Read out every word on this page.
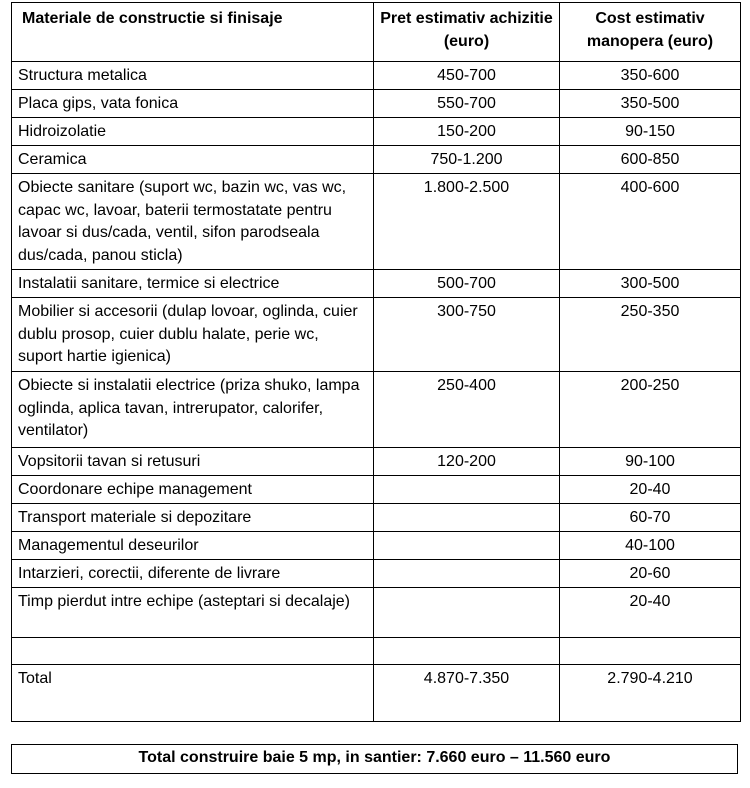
Materiale de constructie si finisaje	Pret estimativ achizitie (euro)	Cost estimativ manopera (euro)
Structura metalica	450-700	350-600
Placa gips, vata fonica	550-700	350-500
Hidroizolatie	150-200	90-150
Ceramica	750-1.200	600-850
Obiecte sanitare (suport wc, bazin wc, vas wc, capac wc, lavoar, baterii termostatate pentru lavoar si dus/cada, ventil, sifon parodseala dus/cada, panou sticla)	1.800-2.500	400-600
Instalatii sanitare, termice si electrice	500-700	300-500
Mobilier si accesorii (dulap lovoar, oglinda, cuier dublu prosop, cuier dublu halate, perie wc, suport hartie igienica)	300-750	250-350
Obiecte si instalatii electrice (priza shuko, lampa oglinda, aplica tavan, intrerupator, calorifer, ventilator)	250-400	200-250
Vopsitorii tavan si retusuri	120-200	90-100
Coordonare echipe management		20-40
Transport materiale si depozitare		60-70
Managementul deseurilor		40-100
Intarzieri, corectii, diferente de livrare		20-60
Timp pierdut intre echipe (asteptari si decalaje)		20-40

Total	4.870-7.350	2.790-4.210
Total construire baie 5 mp, in santier: 7.660 euro – 11.560 euro
